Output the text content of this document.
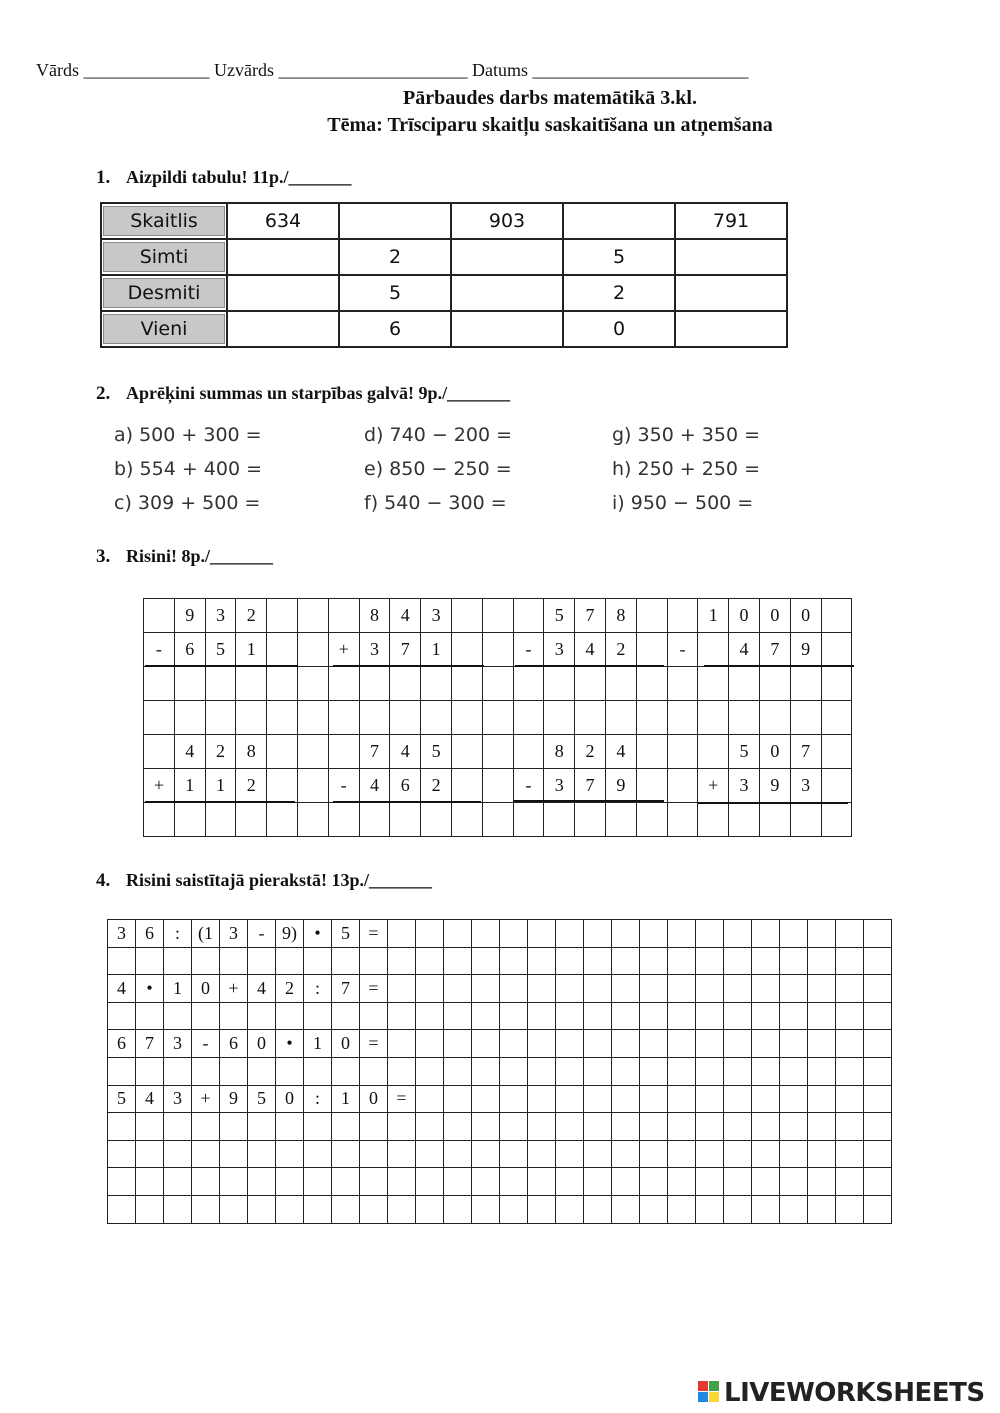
Vārds ______________ Uzvārds _____________________ Datums ________________________
Pārbaudes darbs matemātikā 3.kl.
Tēma: Trīsciparu skaitļu saskaitīšana un atņemšana
1. Aizpildi tabulu! 11p./_______
Skaitlis	634		903		791

Simti		2		5	

Desmiti		5		2	

Vieni		6		0	
2. Aprēķini summas un starpības galvā! 9p./_______
a) 500 + 300 =
b) 554 + 400 =
c) 309 + 500 =
d) 740 − 200 =
e) 850 − 250 =
f) 540 − 300 =
g) 350 + 350 =
h) 250 + 250 =
i) 950 − 500 =
3. Risini! 8p./_______
	9	3	2				8	4	3				5	7	8			1	0	0	0	
-	6	5	1			+	3	7	1			-	3	4	2		-		4	7	9	

	4	2	8				7	4	5				8	2	4				5	0	7	
+	1	1	2			-	4	6	2			-	3	7	9			+	3	9	3	

4. Risini saistītajā pierakstā! 13p./_______
3	6	:	(1	3	-	9)	•	5	=																		

4	•	1	0	+	4	2	:	7	=																		

6	7	3	-	6	0	•	1	0	=																		

5	4	3	+	9	5	0	:	1	0	=																	

LIVEWORKSHEETS
